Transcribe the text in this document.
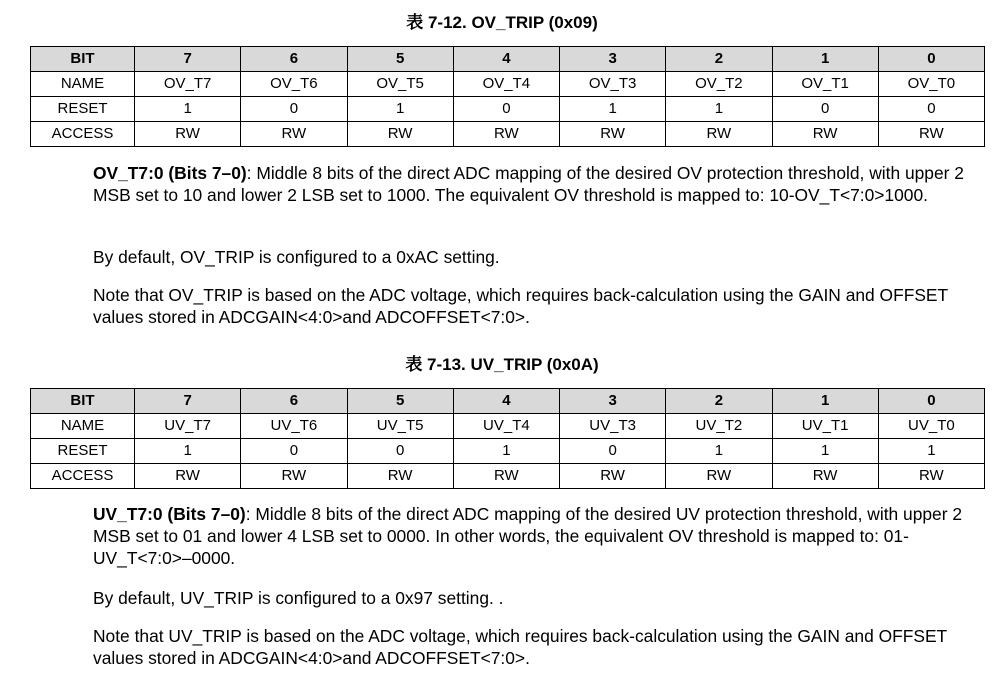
表 7-12. OV_TRIP (0x09)
BIT	7	6	5	4	3	2	1	0
NAME	OV_T7	OV_T6	OV_T5	OV_T4	OV_T3	OV_T2	OV_T1	OV_T0
RESET	1	0	1	0	1	1	0	0
ACCESS	RW	RW	RW	RW	RW	RW	RW	RW

OV_T7:0 (Bits 7–0): Middle 8 bits of the direct ADC mapping of the desired OV protection threshold, with upper 2 MSB set to 10 and lower 2 LSB set to 1000. The equivalent OV threshold is mapped to: 10-OV_T<7:0>1000.

By default, OV_TRIP is configured to a 0xAC setting.

Note that OV_TRIP is based on the ADC voltage, which requires back-calculation using the GAIN and OFFSET values stored in ADCGAIN<4:0>and ADCOFFSET<7:0>.

表 7-13. UV_TRIP (0x0A)
BIT	7	6	5	4	3	2	1	0
NAME	UV_T7	UV_T6	UV_T5	UV_T4	UV_T3	UV_T2	UV_T1	UV_T0
RESET	1	0	0	1	0	1	1	1
ACCESS	RW	RW	RW	RW	RW	RW	RW	RW

UV_T7:0 (Bits 7–0): Middle 8 bits of the direct ADC mapping of the desired UV protection threshold, with upper 2 MSB set to 01 and lower 4 LSB set to 0000. In other words, the equivalent OV threshold is mapped to: 01-UV_T<7:0>–0000.

By default, UV_TRIP is configured to a 0x97 setting. .

Note that UV_TRIP is based on the ADC voltage, which requires back-calculation using the GAIN and OFFSET values stored in ADCGAIN<4:0>and ADCOFFSET<7:0>.
